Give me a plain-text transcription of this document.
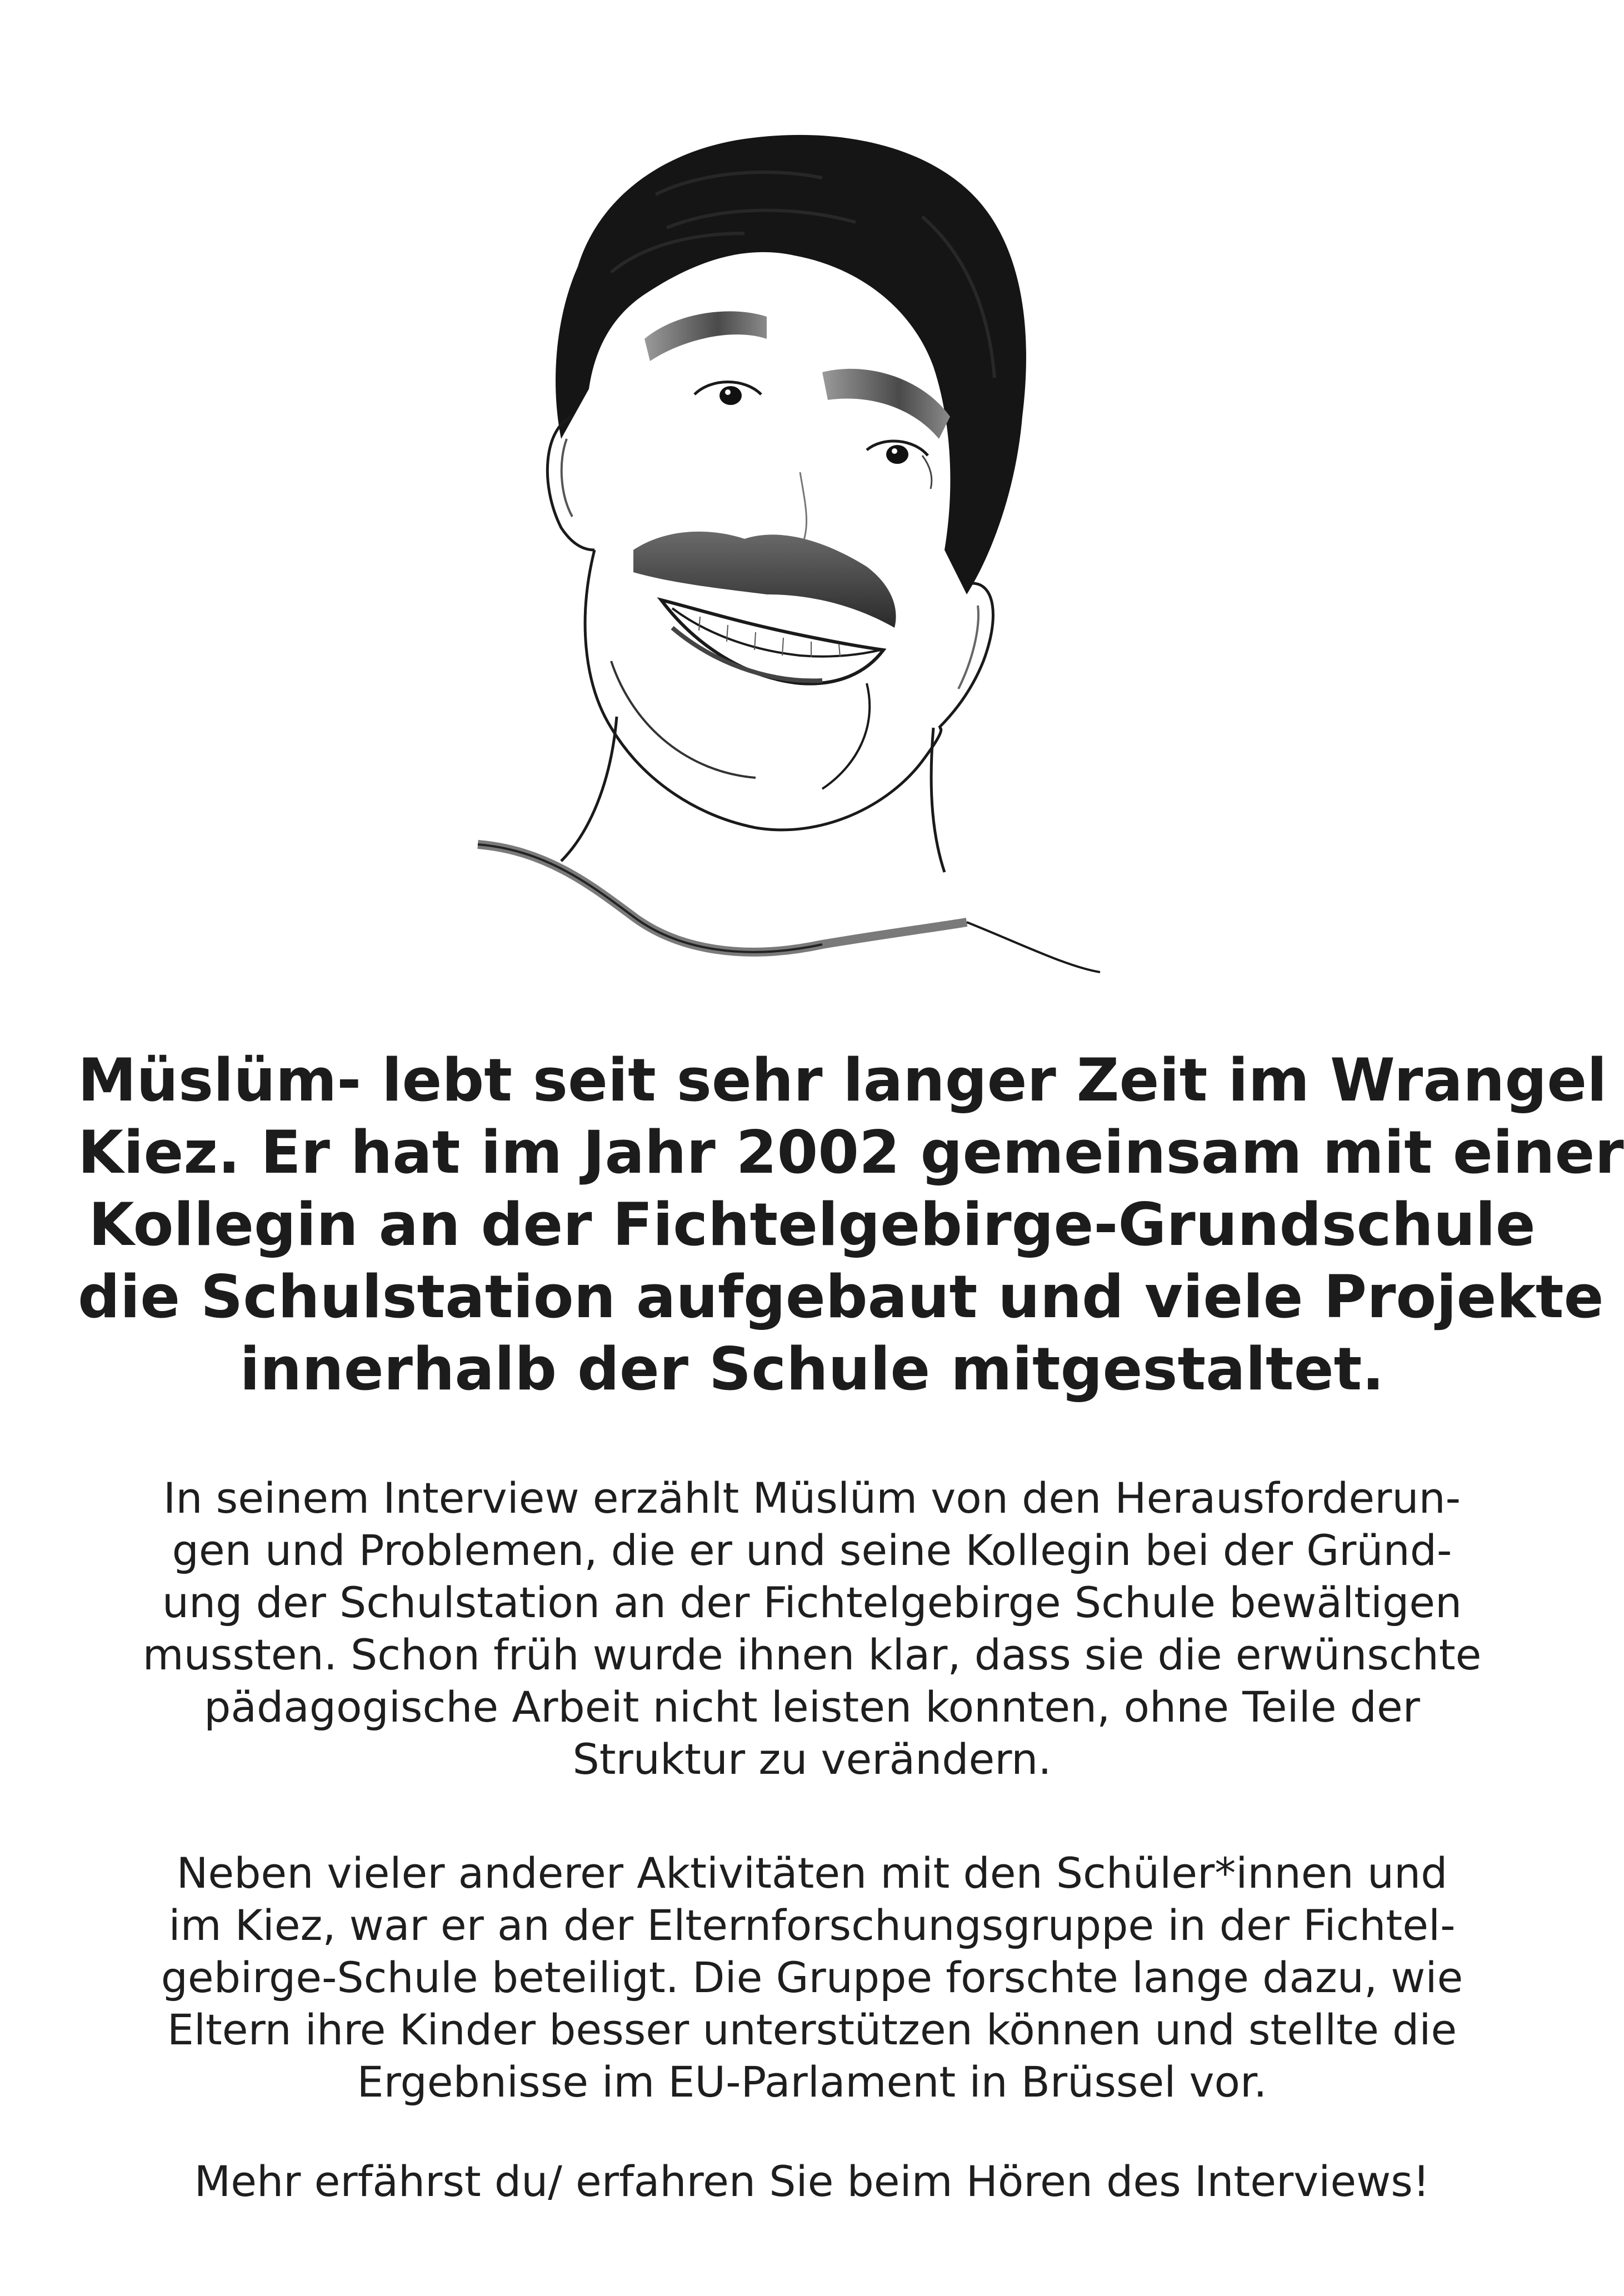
Müslüm- lebt seit sehr langer Zeit im Wrangel
Kiez. Er hat im Jahr 2002 gemeinsam mit einer
Kollegin an der Fichtelgebirge-Grundschule
die Schulstation aufgebaut und viele Projekte
innerhalb der Schule mitgestaltet.
In seinem Interview erzählt Müslüm von den Herausforderun-
gen und Problemen, die er und seine Kollegin bei der Gründ-
ung der Schulstation an der Fichtelgebirge Schule bewältigen
mussten. Schon früh wurde ihnen klar, dass sie die erwünschte
pädagogische Arbeit nicht leisten konnten, ohne Teile der
Struktur zu verändern.
Neben vieler anderer Aktivitäten mit den Schüler*innen und
im Kiez, war er an der Elternforschungsgruppe in der Fichtel-
gebirge-Schule beteiligt. Die Gruppe forschte lange dazu, wie
Eltern ihre Kinder besser unterstützen können und stellte die
Ergebnisse im EU-Parlament in Brüssel vor.
Mehr erfährst du/ erfahren Sie beim Hören des Interviews!
